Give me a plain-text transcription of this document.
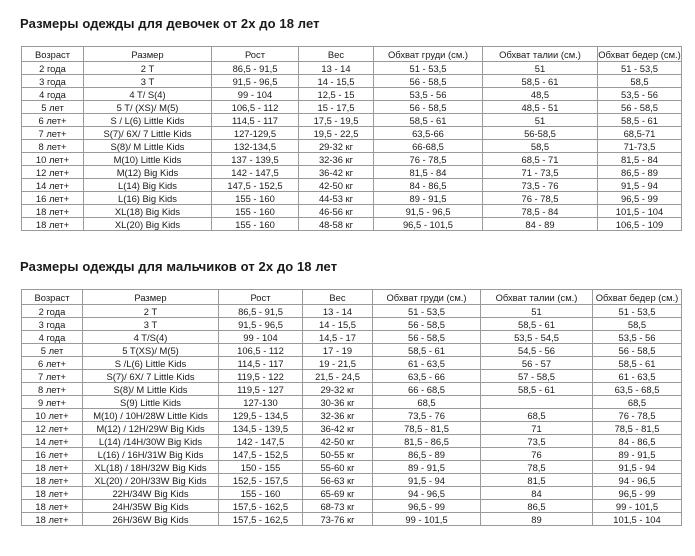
Размеры одежды для девочек от 2х до 18 лет
Возраст	Размер	Рост	Вес	Обхват груди (см.)	Обхват талии (см.)	Обхват бедер (см.)
2 года	2 T	86,5 - 91,5	13 - 14	51 - 53,5	51	51 - 53,5
3 года	3 T	91,5 - 96,5	14 - 15,5	56 - 58,5	58,5 - 61	58,5
4 года	4 T/ S(4)	99 - 104	12,5 - 15	53,5 - 56	48,5	53,5 - 56
5 лет	5 T/ (XS)/ M(5)	106,5 - 112	15 - 17,5	56 - 58,5	48,5 - 51	56 - 58,5
6 лет+	S / L(6) Little Kids	114,5 - 117	17,5 - 19,5	58,5 - 61	51	58,5 - 61
7 лет+	S(7)/ 6X/ 7 Little Kids	127-129,5	19,5 - 22,5	63,5-66	56-58,5	68,5-71
8 лет+	S(8)/ M Little Kids	132-134,5	29-32 кг	66-68,5	58,5	71-73,5
10 лет+	M(10) Little Kids	137 - 139,5	32-36 кг	76 - 78,5	68,5 - 71	81,5 - 84
12 лет+	M(12) Big Kids	142 - 147,5	36-42 кг	81,5 - 84	71 - 73,5	86,5 - 89
14 лет+	L(14) Big Kids	147,5 - 152,5	42-50 кг	84 - 86,5	73,5 - 76	91,5 - 94
16 лет+	L(16) Big Kids	155 - 160	44-53 кг	89 - 91,5	76 - 78,5	96,5 - 99
18 лет+	XL(18) Big Kids	155 - 160	46-56 кг	91,5 - 96,5	78,5 - 84	101,5 - 104
18 лет+	XL(20) Big Kids	155 - 160	48-58 кг	96,5 - 101,5	84 - 89	106,5 - 109
Размеры одежды для мальчиков от 2х до 18 лет
Возраст	Размер	Рост	Вес	Обхват груди (см.)	Обхват талии (см.)	Обхват бедер (см.)
2 года	2 T	86,5 - 91,5	13 - 14	51 - 53,5	51	51 - 53,5
3 года	3 T	91,5 - 96,5	14 - 15,5	56 - 58,5	58,5 - 61	58,5
4 года	4 T/S(4)	99 - 104	14,5 - 17	56 - 58,5	53,5 - 54,5	53,5 - 56
5 лет	5 T(XS)/ M(5)	106,5 - 112	17 - 19	58,5 - 61	54,5 - 56	56 - 58,5
6 лет+	S /L(6) Little Kids	114,5 - 117	19 - 21,5	61 - 63,5	56 - 57	58,5 - 61
7 лет+	S(7)/ 6X/ 7 Little Kids	119,5 - 122	21,5 - 24,5	63,5 - 66	57 - 58,5	61 - 63,5
8 лет+	S(8)/ M Little Kids	119,5 - 127	29-32 кг	66 - 68,5	58,5 - 61	63,5 - 68,5
9 лет+	S(9) Little Kids	127-130	30-36 кг	68,5		68,5
10 лет+	M(10) / 10H/28W Little Kids	129,5 - 134,5	32-36 кг	73,5 - 76	68,5	76 - 78,5
12 лет+	M(12) / 12H/29W Big Kids	134,5 - 139,5	36-42 кг	78,5 - 81,5	71	78,5 - 81,5
14 лет+	L(14) /14H/30W Big Kids	142 - 147,5	42-50 кг	81,5 - 86,5	73,5	84 - 86,5
16 лет+	L(16) / 16H/31W Big Kids	147,5 - 152,5	50-55 кг	86,5 - 89	76	89 - 91,5
18 лет+	XL(18) / 18H/32W Big Kids	150 - 155	55-60 кг	89 - 91,5	78,5	91,5 - 94
18 лет+	XL(20) / 20H/33W Big Kids	152,5 - 157,5	56-63 кг	91,5 - 94	81,5	94 - 96,5
18 лет+	22H/34W Big Kids	155 - 160	65-69 кг	94 - 96,5	84	96,5 - 99
18 лет+	24H/35W Big Kids	157,5 - 162,5	68-73 кг	96,5 - 99	86,5	99 - 101,5
18 лет+	26H/36W Big Kids	157,5 - 162,5	73-76 кг	99 - 101,5	89	101,5 - 104
